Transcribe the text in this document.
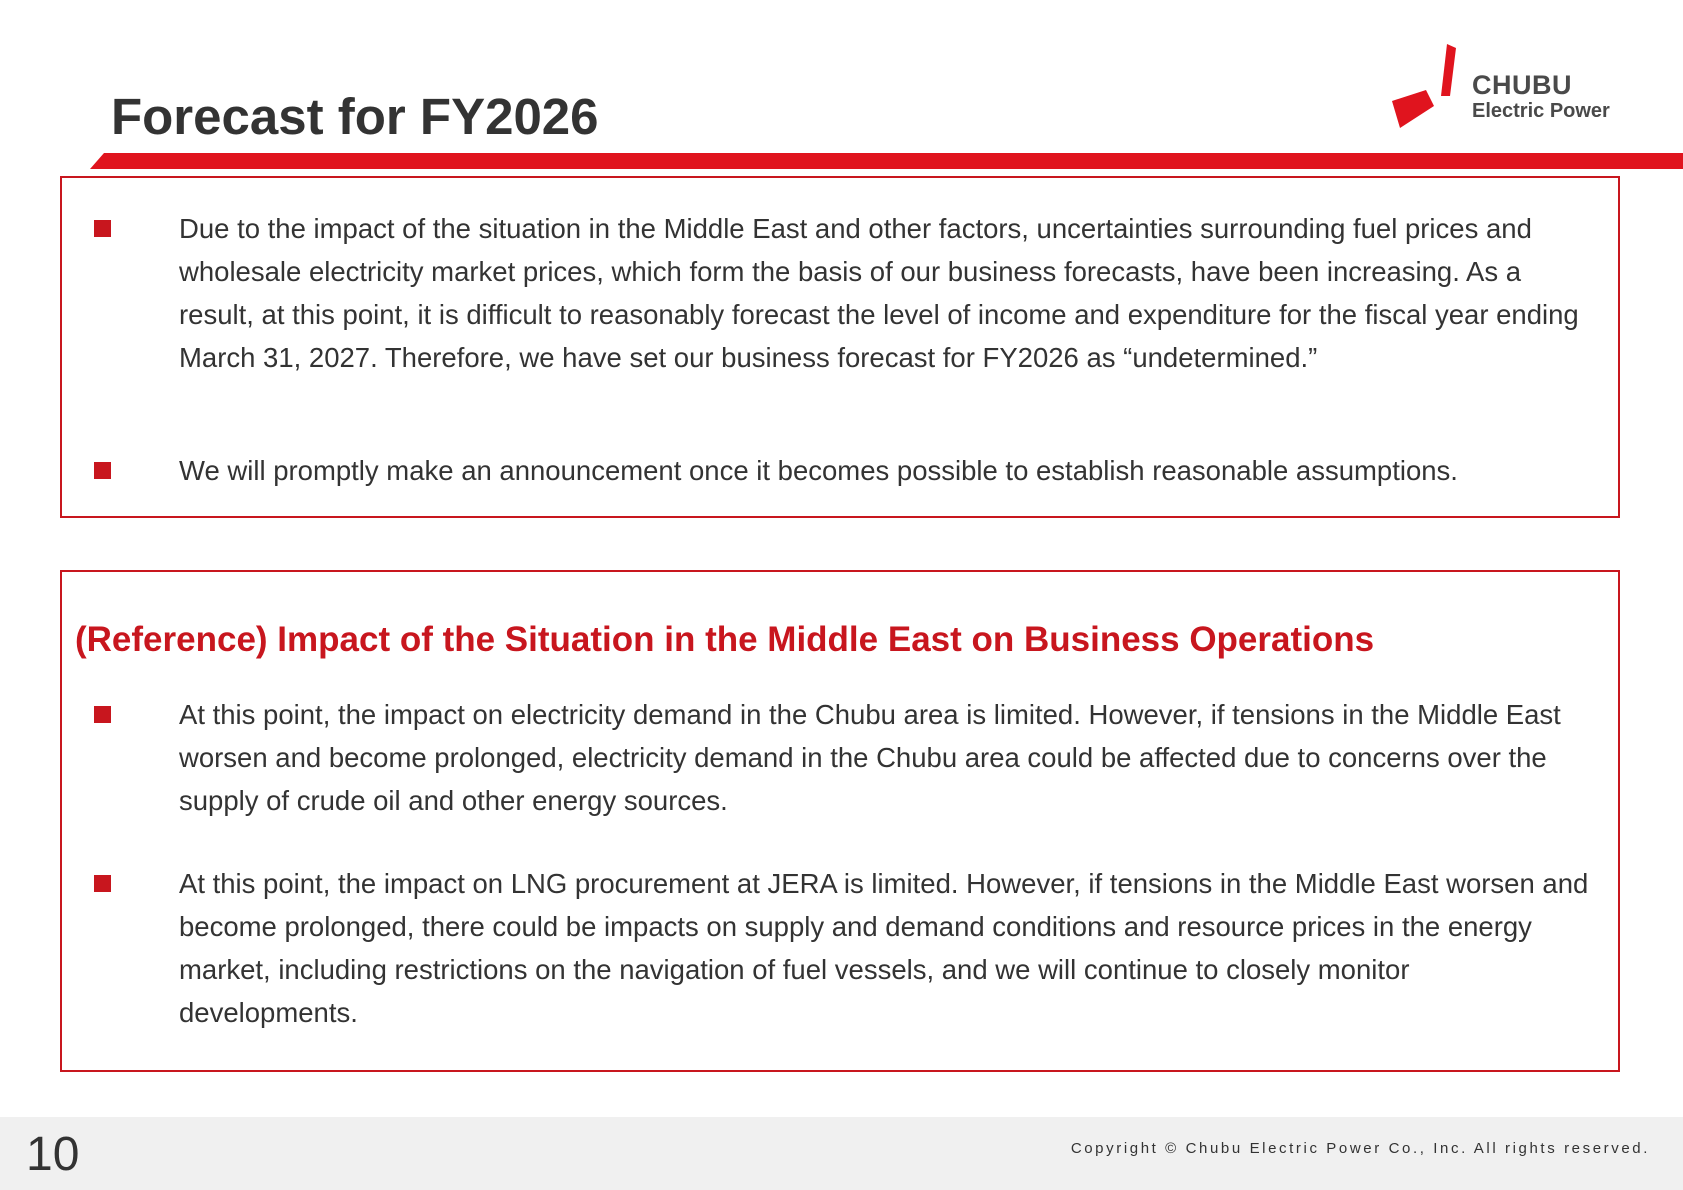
Forecast for FY2026
CHUBU
Electric Power
Due to the impact of the situation in the Middle East and other factors, uncertainties surrounding fuel prices and wholesale electricity market prices, which form the basis of our business forecasts, have been increasing. As a result, at this point, it is difficult to reasonably forecast the level of income and expenditure for the fiscal year ending March 31, 2027. Therefore, we have set our business forecast for FY2026 as “undetermined.”
We will promptly make an announcement once it becomes possible to establish reasonable assumptions.
(Reference) Impact of the Situation in the Middle East on Business Operations
At this point, the impact on electricity demand in the Chubu area is limited. However, if tensions in the Middle East worsen and become prolonged, electricity demand in the Chubu area could be affected due to concerns over the supply of crude oil and other energy sources.
At this point, the impact on LNG procurement at JERA is limited. However, if tensions in the Middle East worsen and become prolonged, there could be impacts on supply and demand conditions and resource prices in the energy market, including restrictions on the navigation of fuel vessels, and we will continue to closely monitor developments.
10	Copyright © Chubu Electric Power Co., Inc. All rights reserved.
